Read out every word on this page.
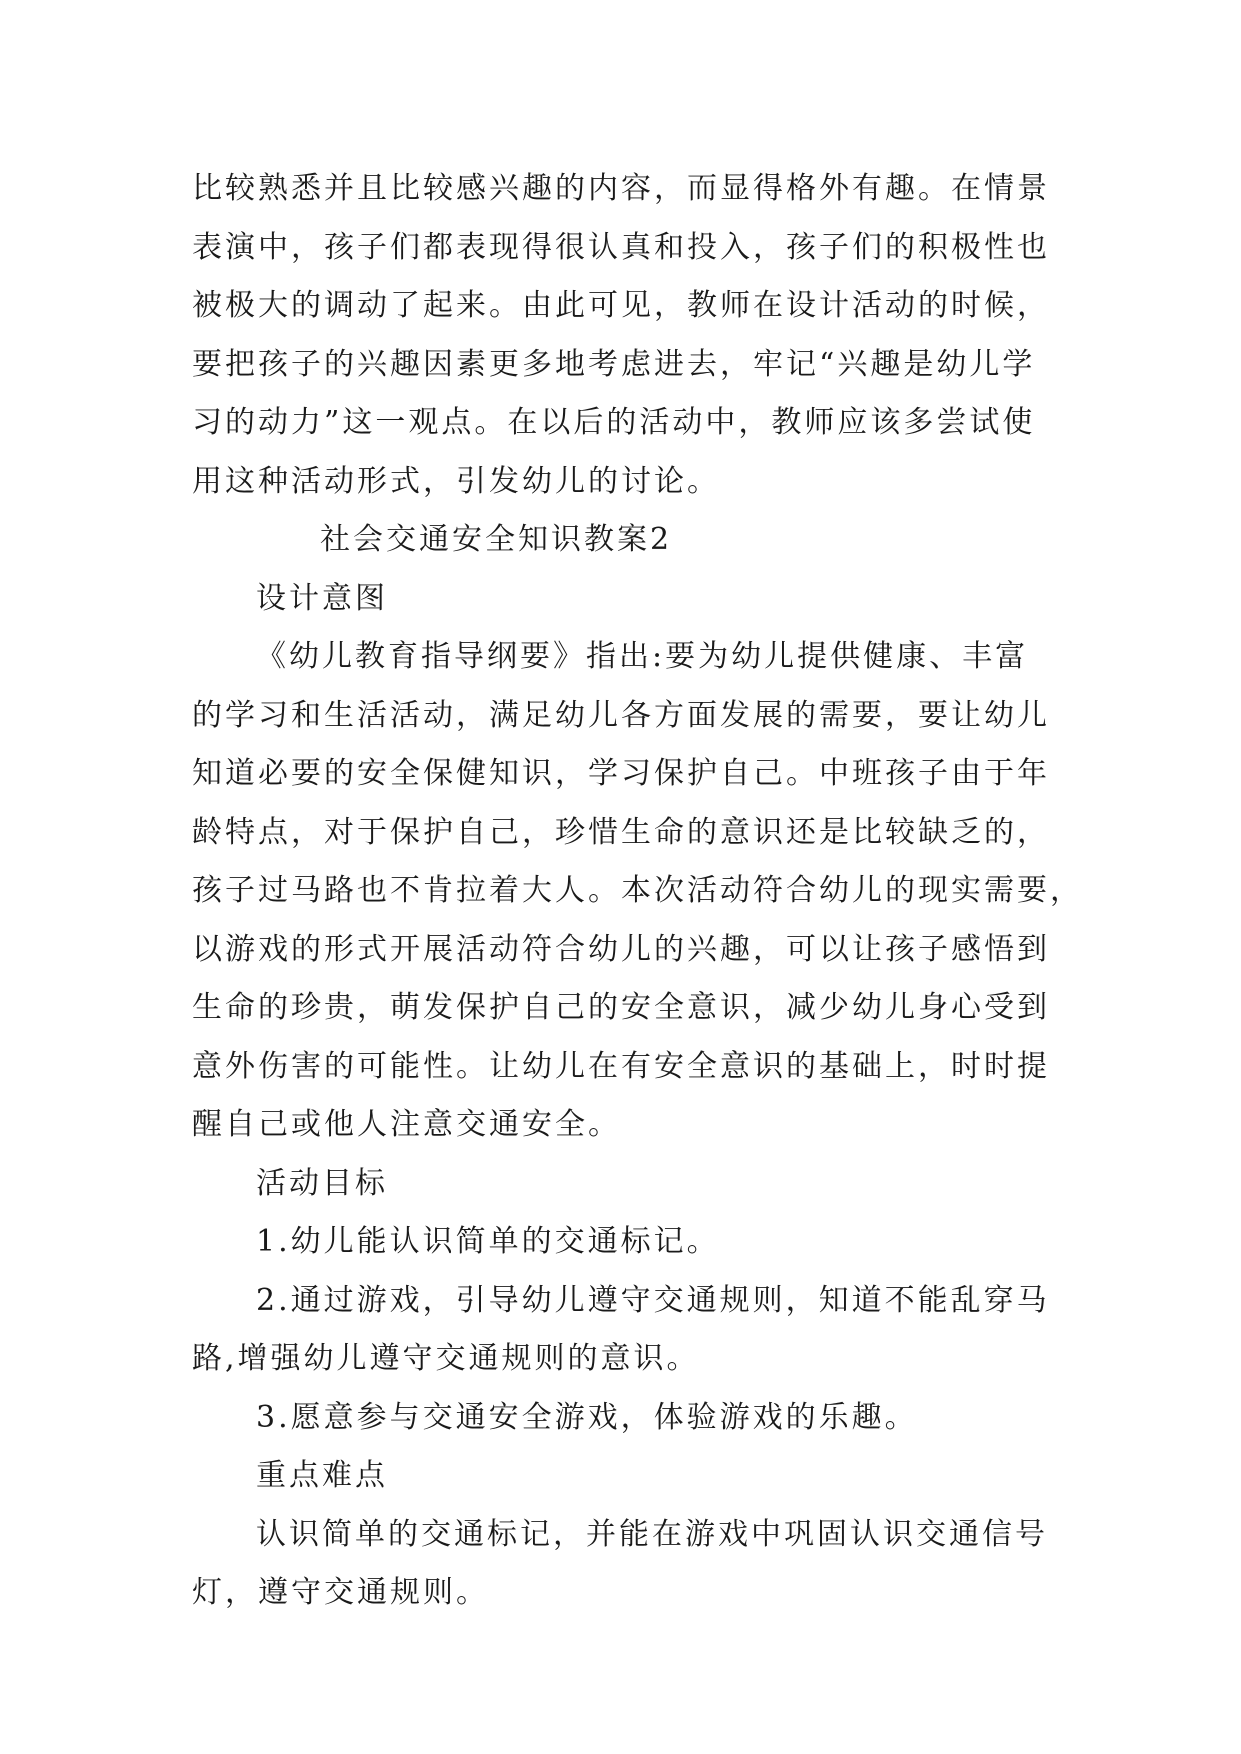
比较熟悉并且比较感兴趣的内容，而显得格外有趣。在情景
表演中，孩子们都表现得很认真和投入，孩子们的积极性也
被极大的调动了起来。由此可见，教师在设计活动的时候，
要把孩子的兴趣因素更多地考虑进去，牢记“兴趣是幼儿学
习的动力”这一观点。在以后的活动中，教师应该多尝试使
用这种活动形式，引发幼儿的讨论。

社会交通安全知识教案2
设计意图

《幼儿教育指导纲要》指出:要为幼儿提供健康、丰富
的学习和生活活动，满足幼儿各方面发展的需要，要让幼儿
知道必要的安全保健知识，学习保护自己。中班孩子由于年
龄特点，对于保护自己，珍惜生命的意识还是比较缺乏的，
孩子过马路也不肯拉着大人。本次活动符合幼儿的现实需要，
以游戏的形式开展活动符合幼儿的兴趣，可以让孩子感悟到
生命的珍贵，萌发保护自己的安全意识，减少幼儿身心受到
意外伤害的可能性。让幼儿在有安全意识的基础上，时时提
醒自己或他人注意交通安全。

活动目标

1.幼儿能认识简单的交通标记。

2.通过游戏，引导幼儿遵守交通规则，知道不能乱穿马
路,增强幼儿遵守交通规则的意识。

3.愿意参与交通安全游戏，体验游戏的乐趣。

重点难点

认识简单的交通标记，并能在游戏中巩固认识交通信号
灯，遵守交通规则。
